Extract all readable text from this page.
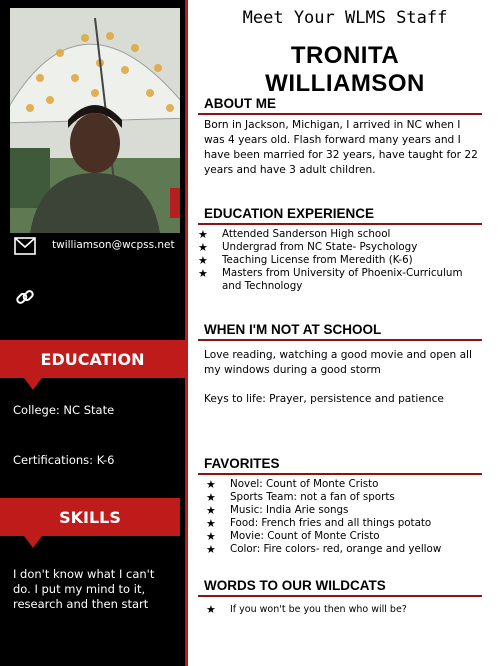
twilliamson@wcpss.net
EDUCATION
College: NC State
Certifications: K-6
SKILLS
I don't know what I can't do. I put my mind to it, research and then start
Meet Your WLMS Staff
TRONITA WILLIAMSON
ABOUT ME
Born in Jackson, Michigan, I arrived in NC when I was 4 years old. Flash forward many years and I have been married for 32 years, have taught for 22 years and have 3 adult children.
EDUCATION EXPERIENCE
★	Attended Sanderson High school
★	Undergrad from NC State- Psychology
★	Teaching License from Meredith (K-6)
★	Masters from University of Phoenix-Curriculum and Technology
WHEN I'M NOT AT SCHOOL
Love reading, watching a good movie and open all my windows during a good storm
Keys to life: Prayer, persistence and patience
FAVORITES
★	Novel: Count of Monte Cristo
★	Sports Team: not a fan of sports
★	Music: India Arie songs
★	Food: French fries and all things potato
★	Movie: Count of Monte Cristo
★	Color: Fire colors- red, orange and yellow
WORDS TO OUR WILDCATS
★	If you won't be you then who will be?
